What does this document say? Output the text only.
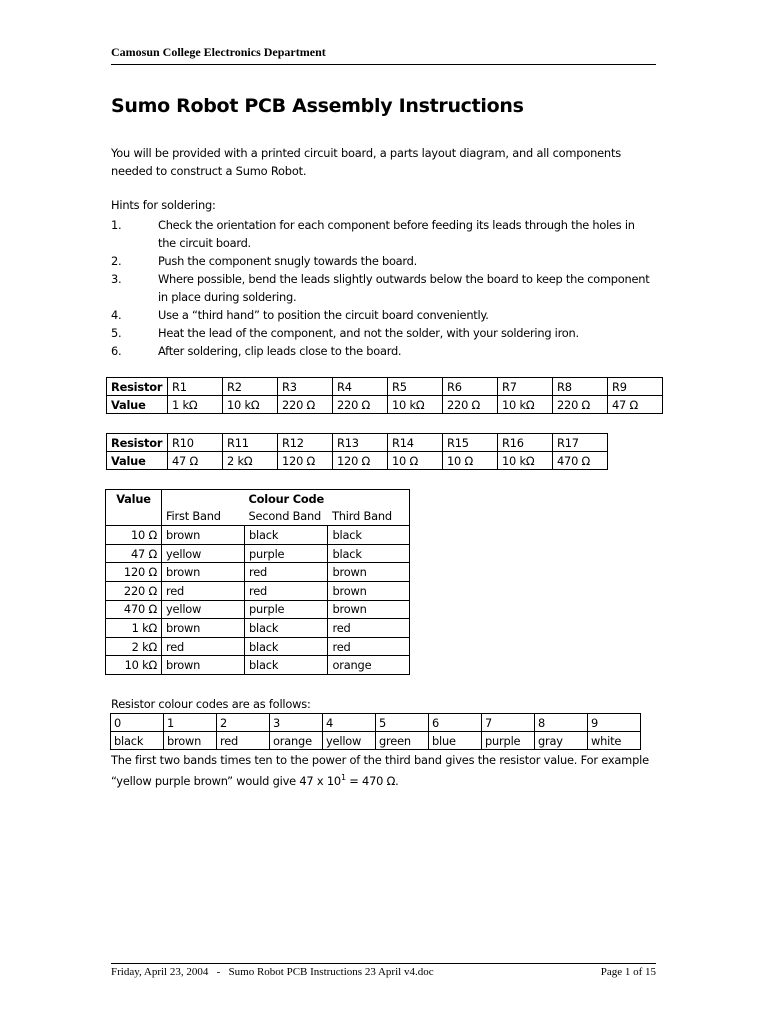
Camosun College Electronics Department
Sumo Robot PCB Assembly Instructions
You will be provided with a printed circuit board, a parts layout diagram, and all components needed to construct a Sumo Robot.
Hints for soldering:
1.	Check the orientation for each component before feeding its leads through the holes in the circuit board.
2.	Push the component snugly towards the board.
3.	Where possible, bend the leads slightly outwards below the board to keep the component in place during soldering.
4.	Use a “third hand” to position the circuit board conveniently.
5.	Heat the lead of the component, and not the solder, with your soldering iron.
6.	After soldering, clip leads close to the board.
Resistor	R1	R2	R3	R4	R5	R6	R7	R8	R9
Value	1 kΩ	10 kΩ	220 Ω	220 Ω	10 kΩ	220 Ω	10 kΩ	220 Ω	47 Ω
Resistor	R10	R11	R12	R13	R14	R15	R16	R17
Value	47 Ω	2 kΩ	120 Ω	120 Ω	10 Ω	10 Ω	10 kΩ	470 Ω
Value		Colour Code	
	First Band	Second Band	Third Band
10 Ω	brown	black	black
47 Ω	yellow	purple	black
120 Ω	brown	red	brown
220 Ω	red	red	brown
470 Ω	yellow	purple	brown
1 kΩ	brown	black	red
2 kΩ	red	black	red
10 kΩ	brown	black	orange
Resistor colour codes are as follows:
0	1	2	3	4	5	6	7	8	9
black	brown	red	orange	yellow	green	blue	purple	gray	white
The first two bands times ten to the power of the third band gives the resistor value. For example “yellow purple brown” would give 47 x $10^1 = 470$ Ω.
Friday, April 23, 2004   -   Sumo Robot PCB Instructions 23 April v4.doc	Page 1 of 15
